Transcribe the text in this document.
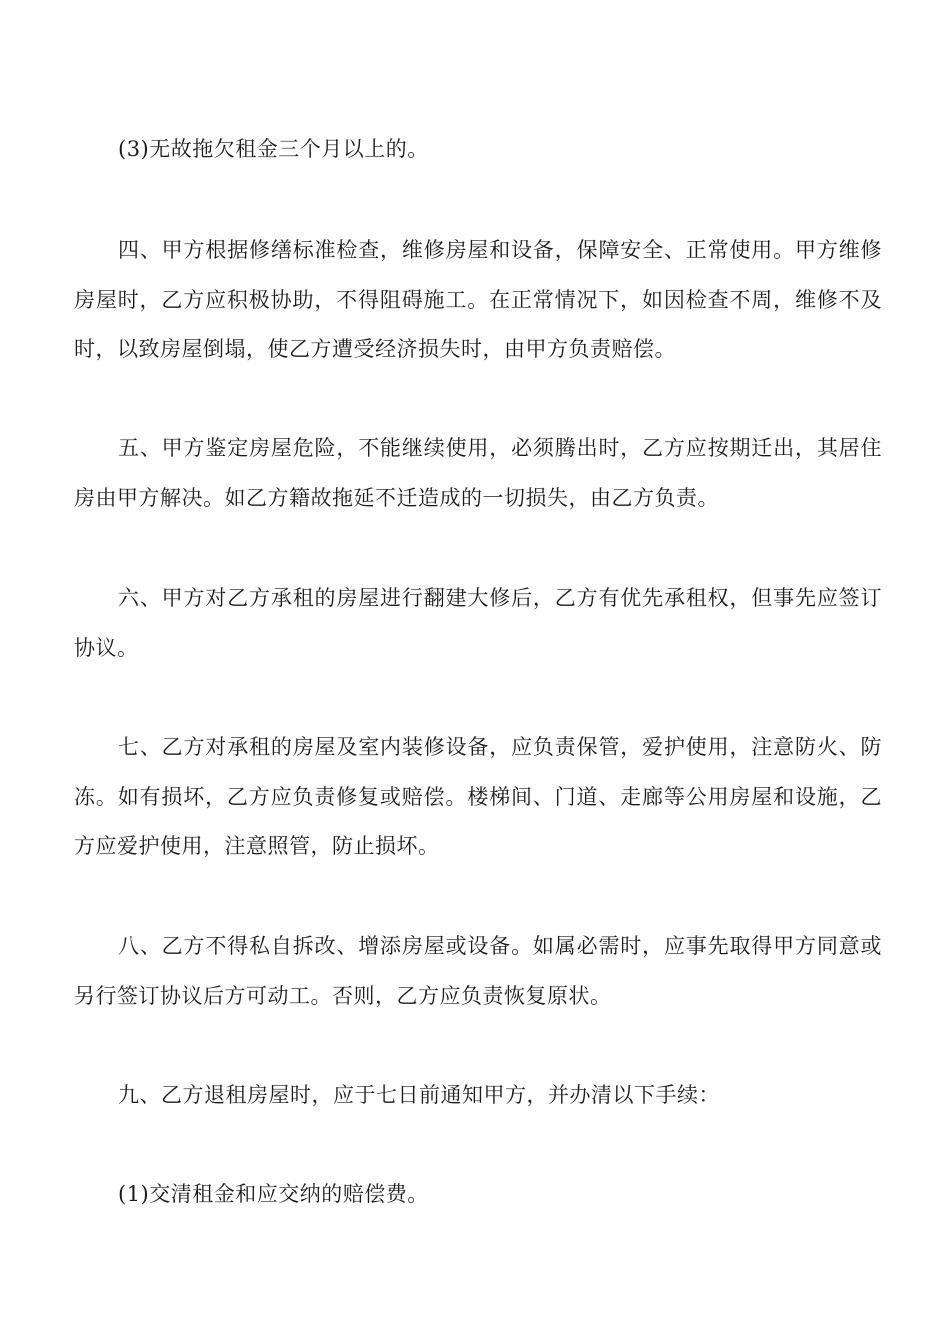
(3)无故拖欠租金三个月以上的。

四、甲方根据修缮标准检查，维修房屋和设备，保障安全、正常使用。甲方维修房屋时，乙方应积极协助，不得阻碍施工。在正常情况下，如因检查不周，维修不及时，以致房屋倒塌，使乙方遭受经济损失时，由甲方负责赔偿。

五、甲方鉴定房屋危险，不能继续使用，必须腾出时，乙方应按期迁出，其居住房由甲方解决。如乙方籍故拖延不迁造成的一切损失，由乙方负责。

六、甲方对乙方承租的房屋进行翻建大修后，乙方有优先承租权，但事先应签订协议。

七、乙方对承租的房屋及室内装修设备，应负责保管，爱护使用，注意防火、防冻。如有损坏，乙方应负责修复或赔偿。楼梯间、门道、走廊等公用房屋和设施，乙方应爱护使用，注意照管，防止损坏。

八、乙方不得私自拆改、增添房屋或设备。如属必需时，应事先取得甲方同意或另行签订协议后方可动工。否则，乙方应负责恢复原状。

九、乙方退租房屋时，应于七日前通知甲方，并办清以下手续：

(1)交清租金和应交纳的赔偿费。
